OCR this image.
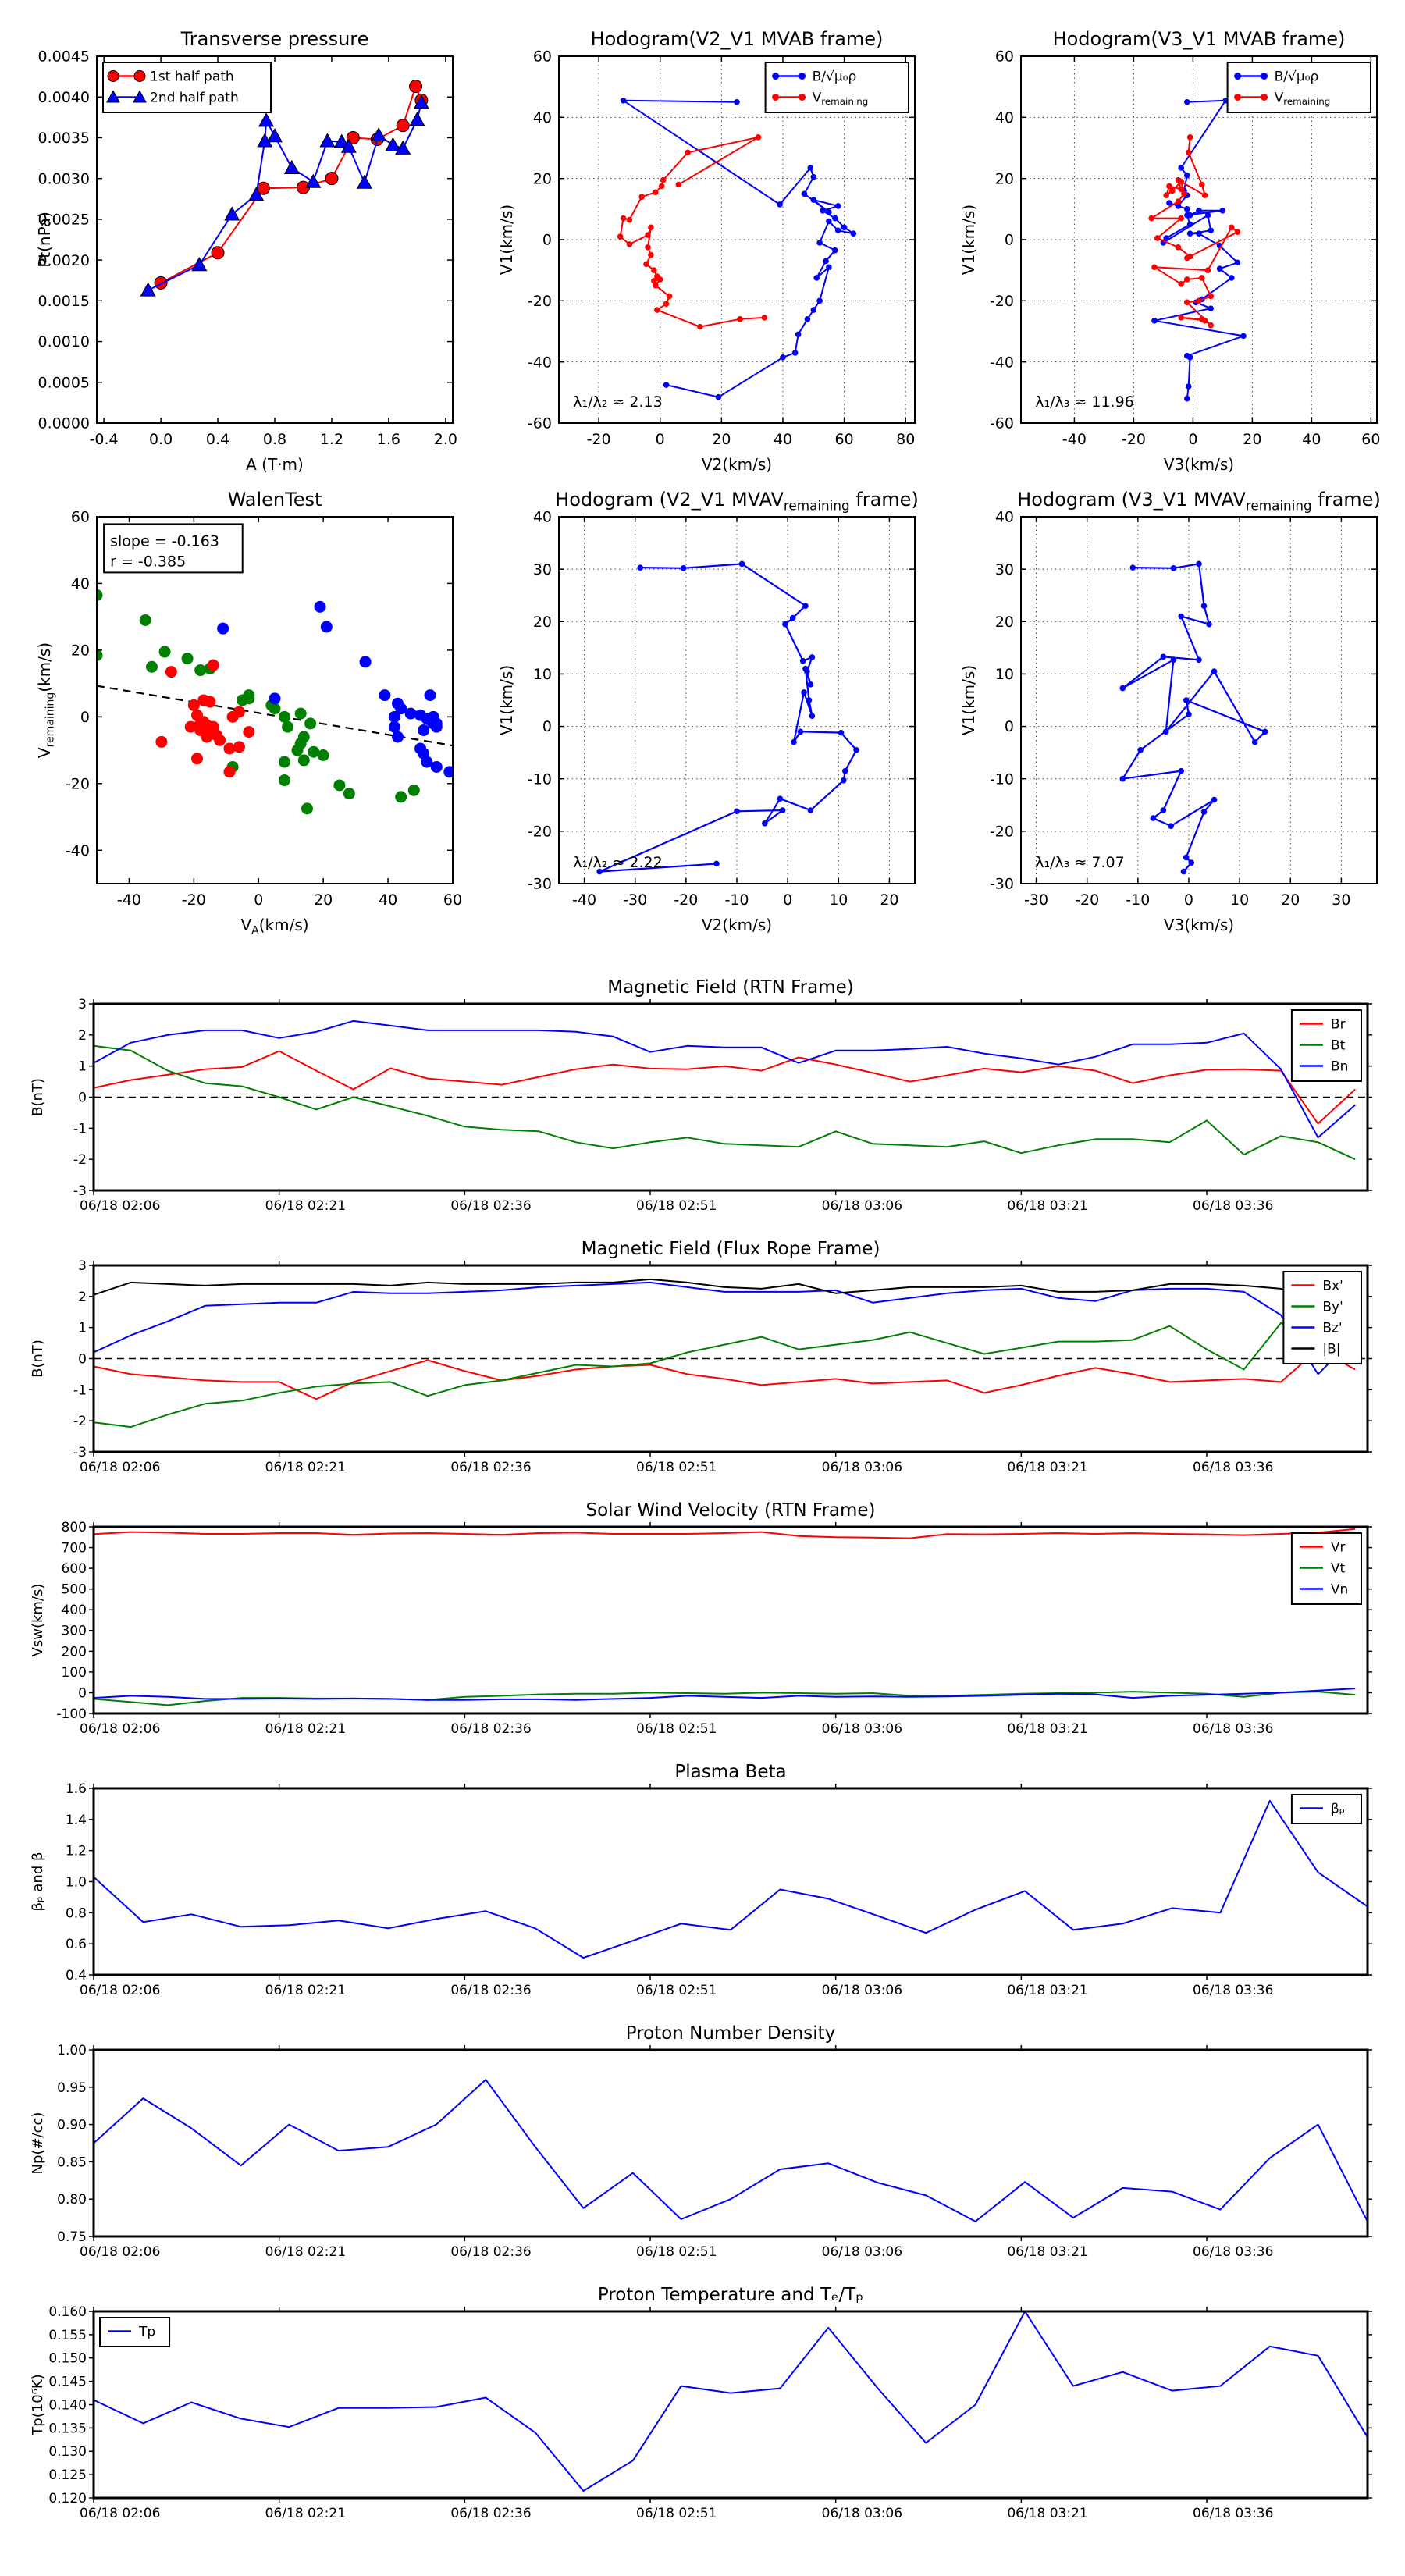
-0.4 0.0 0.4 0.8 1.2 1.6 2.0
0.0000
0.0005
0.0010
0.0015
0.0020
0.0025
0.0030
0.0035
0.0040
0.0045
Transverse pressure
A (T·m)
Pt(nPa)
1st half path
2nd half path
-20	0	20	40	60	80
-60
-40
-20
0
20
40
60
Hodogram(V2_V1 MVAB frame)
V2(km/s)
V1(km/s)
λ₁/λ₂ ≈ 2.13
B/√μ₀ρ
$V_{remaining}$
-40 -20	0	20	40	60
-60
-40
-20
0
20
40
60
Hodogram(V3_V1 MVAB frame)
V3(km/s)
V1(km/s)
λ₁/λ₃ ≈ 11.96
B/√μ₀ρ
$V_{remaining}$
-40	-20	0	20	40	60
-40
-20
0
20
40
60
WalenTest
$V_A(km/s)$
$V_{remaining}(km/s)$
slope = -0.163
r = -0.385
-40 -30 -20 -10 0 10 20
-30
-20
-10
0
10
20
30
40
Hodogram (V2_V1 $MVAV_{remaining}$ frame)
V2(km/s)
V1(km/s)
λ₁/λ₂ ≈ 2.22
-30 -20 -10 0 10 20 30
-30
-20
-10
0
10
20
30
40
Hodogram (V3_V1 $MVAV_{remaining}$ frame)
V3(km/s)
V1(km/s)
λ₁/λ₃ ≈ 7.07
06/18 02:06	06/18 02:21	06/18 02:36	06/18 02:51	06/18 03:06	06/18 03:21	06/18 03:36
-3
-2
-1
0
1
2
3
Magnetic Field (RTN Frame)
B(nT)
Br
Bt
Bn
06/18 02:06	06/18 02:21	06/18 02:36	06/18 02:51	06/18 03:06	06/18 03:21	06/18 03:36
-3
-2
-1
0
1
2
3
Magnetic Field (Flux Rope Frame)
B(nT)
Bx'
By'
Bz'
|B|
06/18 02:06	06/18 02:21	06/18 02:36	06/18 02:51	06/18 03:06	06/18 03:21	06/18 03:36
-100
0
100
200
300
400
500
600
700
800
Solar Wind Velocity (RTN Frame)
Vsw(km/s)
Vr
Vt
Vn
06/18 02:06	06/18 02:21	06/18 02:36	06/18 02:51	06/18 03:06	06/18 03:21	06/18 03:36
0.4
0.6
0.8
1.0
1.2
1.4
1.6
Plasma Beta
βₚ and β
βₚ
06/18 02:06	06/18 02:21	06/18 02:36	06/18 02:51	06/18 03:06	06/18 03:21	06/18 03:36
0.75
0.80
0.85
0.90
0.95
1.00
Proton Number Density
Np(#/cc)
06/18 02:06	06/18 02:21	06/18 02:36	06/18 02:51	06/18 03:06	06/18 03:21	06/18 03:36
0.120
0.125
0.130
0.135
0.140
0.145
0.150
0.155
0.160
Proton Temperature and Tₑ/Tₚ
Tp(10⁶K)
Tp
